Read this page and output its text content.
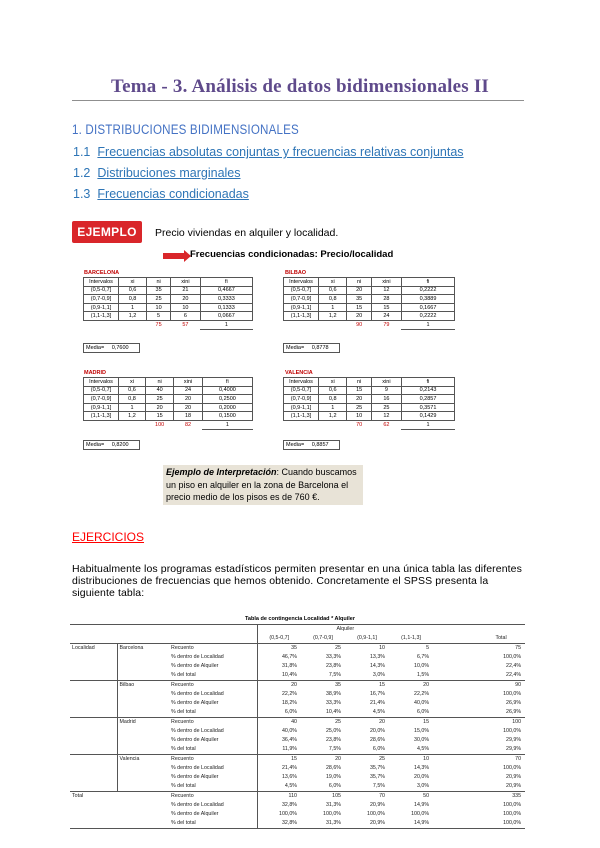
Tema - 3. Análisis de datos bidimensionales II
1. DISTRIBUCIONES BIDIMENSIONALES
1.1 Frecuencias absolutas conjuntas y frecuencias relativas conjuntas
1.2 Distribuciones marginales
1.3 Frecuencias condicionadas
EJEMPLO	Precio viviendas en alquiler y localidad.
Frecuencias condicionadas: Precio/localidad
BARCELONA
Intervalos	xi	ni	xini	fi
(0,5-0,7]	0,6	35	21	0,4667
(0,7-0,9]	0,8	25	20	0,3333
(0,9-1,1]	1	10	10	0,1333
(1,1-1,3]	1,2	5	6	0,0667
		75	57	1
Media= 0,7600
BILBAO
Intervalos	xi	ni	xini	fi
(0,5-0,7]	0,6	20	12	0,2222
(0,7-0,9]	0,8	35	28	0,3889
(0,9-1,1]	1	15	15	0,1667
(1,1-1,3]	1,2	20	24	0,2222
		90	79	1
Media= 0,8778
MADRID
Intervalos	xi	ni	xini	fi
(0,5-0,7]	0,6	40	24	0,4000
(0,7-0,9]	0,8	25	20	0,2500
(0,9-1,1]	1	20	20	0,2000
(1,1-1,3]	1,2	15	18	0,1500
		100	82	1
Media= 0,8200
VALENCIA
Intervalos	xi	ni	xini	fi
(0,5-0,7]	0,6	15	9	0,2143
(0,7-0,9]	0,8	20	16	0,2857
(0,9-1,1]	1	25	25	0,3571
(1,1-1,3]	1,2	10	12	0,1429
		70	62	1
Media= 0,8857
Ejemplo de Interpretación: Cuando buscamos un piso en alquiler en la zona de Barcelona el precio medio de los pisos es de 760 €.
EJERCICIOS
Habitualmente los programas estadísticos permiten presentar en una única tabla las diferentes distribuciones de frecuencias que hemos obtenido. Concretamente el SPSS presenta la siguiente tabla:
Tabla de contingencia Localidad * Alquiler
			Alquiler					
			(0,5-0,7]	(0,7-0,9]	(0,9-1,1]	(1,1-1,3]		Total
Localidad	Barcelona	Recuento	35	25	10	5		75
		% dentro de Localidad	46,7%	33,3%	13,3%	6,7%		100,0%
		% dentro de Alquiler	31,8%	23,8%	14,3%	10,0%		22,4%
		% del total	10,4%	7,5%	3,0%	1,5%		22,4%
	Bilbao	Recuento	20	35	15	20		90
		% dentro de Localidad	22,2%	38,9%	16,7%	22,2%		100,0%
		% dentro de Alquiler	18,2%	33,3%	21,4%	40,0%		26,9%
		% del total	6,0%	10,4%	4,5%	6,0%		26,9%
	Madrid	Recuento	40	25	20	15		100
		% dentro de Localidad	40,0%	25,0%	20,0%	15,0%		100,0%
		% dentro de Alquiler	36,4%	23,8%	28,6%	30,0%		29,9%
		% del total	11,9%	7,5%	6,0%	4,5%		29,9%
	Valencia	Recuento	15	20	25	10		70
		% dentro de Localidad	21,4%	28,6%	35,7%	14,3%		100,0%
		% dentro de Alquiler	13,6%	19,0%	35,7%	20,0%		20,9%
		% del total	4,5%	6,0%	7,5%	3,0%		20,9%
Total		Recuento	110	105	70	50		335
		% dentro de Localidad	32,8%	31,3%	20,9%	14,9%		100,0%
		% dentro de Alquiler	100,0%	100,0%	100,0%	100,0%		100,0%
		% del total	32,8%	31,3%	20,9%	14,9%		100,0%
